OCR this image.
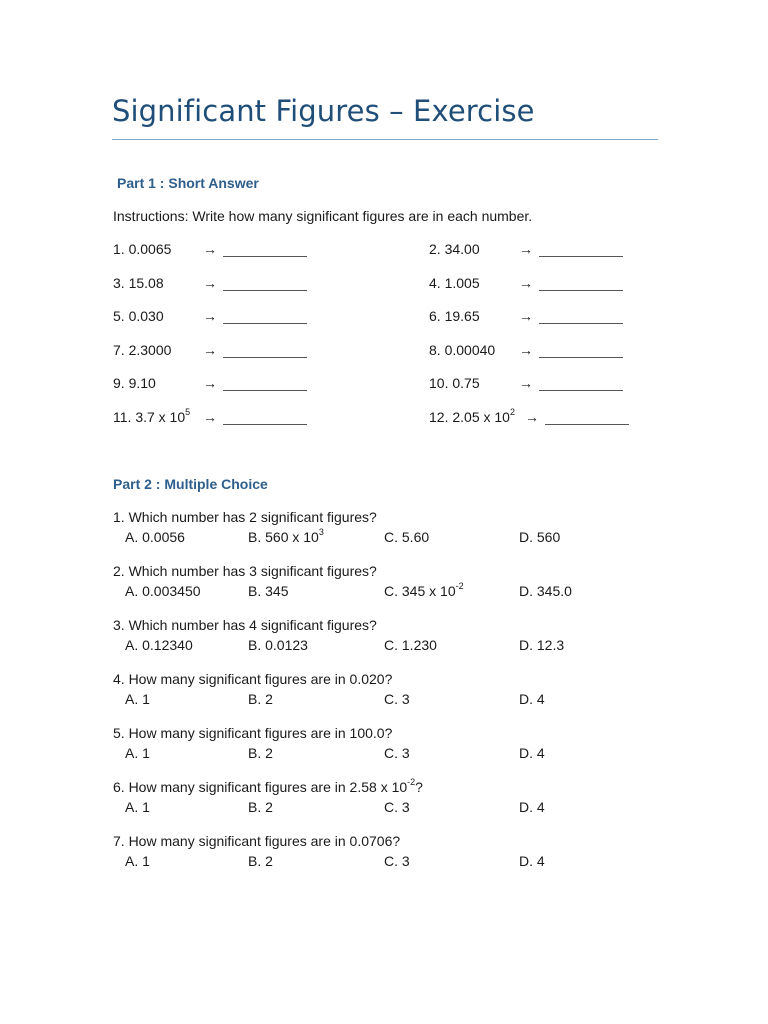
Significant Figures – Exercise
Part 1 : Short Answer
Instructions: Write how many significant figures are in each number.
1. 0.0065 →	2. 34.00	→
3. 15.08	→	4. 1.005	→
5. 0.030	→	6. 19.65	→
7. 2.3000 →	8. 0.00040 →
9. 9.10	→	10. 0.75	→
11. 3.7 x $10^5$ →	12. 2.05 x $10^2$ →
Part 2 : Multiple Choice
1. Which number has 2 significant figures?
A. 0.0056	B. 560 x $10^3$	C. 5.60	D. 560
2. Which number has 3 significant figures?
A. 0.003450	B. 345	C. 345 x $10^{-2}$	D. 345.0
3. Which number has 4 significant figures?
A. 0.12340	B. 0.0123	C. 1.230	D. 12.3
4. How many significant figures are in 0.020?
A. 1	B. 2	C. 3	D. 4
5. How many significant figures are in 100.0?
A. 1	B. 2	C. 3	D. 4
6. How many significant figures are in 2.58 x $10^{-2}$?
A. 1	B. 2	C. 3	D. 4
7. How many significant figures are in 0.0706?
A. 1	B. 2	C. 3	D. 4
